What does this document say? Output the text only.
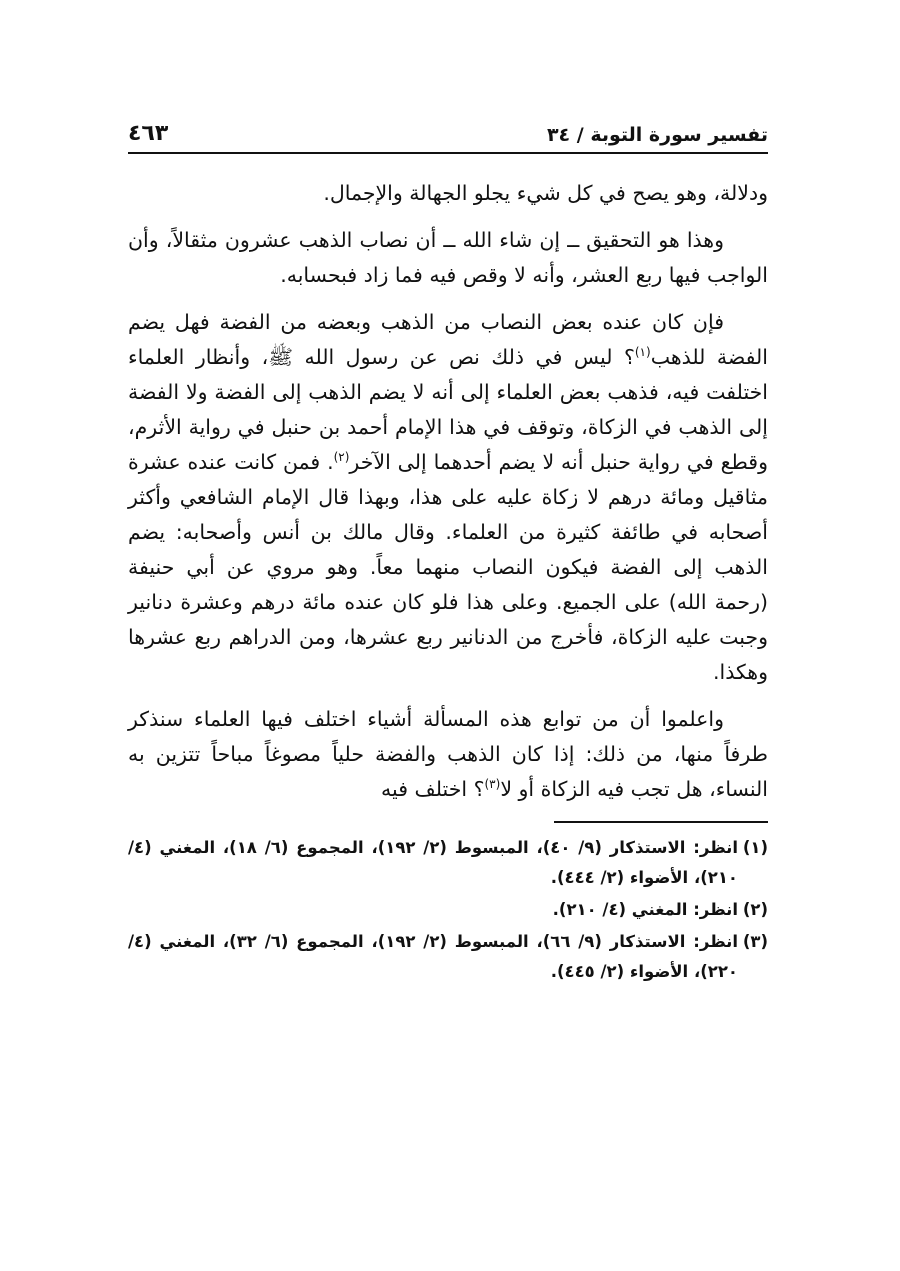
تفسير سورة التوبة / ٣٤
٤٦٣

ودلالة، وهو يصح في كل شيء يجلو الجهالة والإجمال.

وهذا هو التحقيق ــ إن شاء الله ــ أن نصاب الذهب عشرون مثقالاً، وأن الواجب فيها ربع العشر، وأنه لا وقص فيه فما زاد فبحسابه.

فإن كان عنده بعض النصاب من الذهب وبعضه من الفضة فهل يضم الفضة للذهب$^{(١)}$؟ ليس في ذلك نص عن رسول الله ﷺ، وأنظار العلماء اختلفت فيه، فذهب بعض العلماء إلى أنه لا يضم الذهب إلى الفضة ولا الفضة إلى الذهب في الزكاة، وتوقف في هذا الإمام أحمد بن حنبل في رواية الأثرم، وقطع في رواية حنبل أنه لا يضم أحدهما إلى الآخر$^{(٢)}$. فمن كانت عنده عشرة مثاقيل ومائة درهم لا زكاة عليه على هذا، وبهذا قال الإمام الشافعي وأكثر أصحابه في طائفة كثيرة من العلماء. وقال مالك بن أنس وأصحابه: يضم الذهب إلى الفضة فيكون النصاب منهما معاً. وهو مروي عن أبي حنيفة (رحمة الله) على الجميع. وعلى هذا فلو كان عنده مائة درهم وعشرة دنانير وجبت عليه الزكاة، فأخرج من الدنانير ربع عشرها، ومن الدراهم ربع عشرها وهكذا.

واعلموا أن من توابع هذه المسألة أشياء اختلف فيها العلماء سنذكر طرفاً منها، من ذلك: إذا كان الذهب والفضة حلياً مصوغاً مباحاً تتزين به النساء، هل تجب فيه الزكاة أو لا$^{(٣)}$؟ اختلف فيه

(١)
انظر: الاستذكار (٩/ ٤٠)، المبسوط (٢/ ١٩٢)، المجموع (٦/ ١٨)، المغني (٤/ ٢١٠)، الأضواء (٢/ ٤٤٤).
(٢)
انظر: المغني (٤/ ٢١٠).
(٣)
انظر: الاستذكار (٩/ ٦٦)، المبسوط (٢/ ١٩٢)، المجموع (٦/ ٣٢)، المغني (٤/ ٢٢٠)، الأضواء (٢/ ٤٤٥).
